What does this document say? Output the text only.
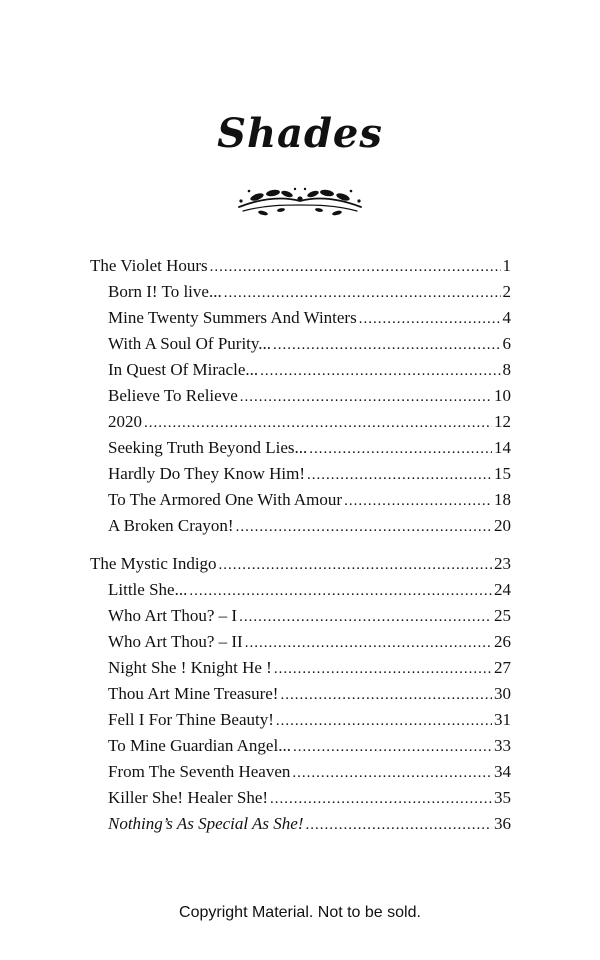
Shades
The Violet Hours .....	1
Born I! To live... .....	2
Mine Twenty Summers And Winters .....	4
With A Soul Of Purity... .....	6
In Quest Of Miracle... .....	8
Believe To Relieve .....	10
2020 .....	12
Seeking Truth Beyond Lies... .....	14
Hardly Do They Know Him! .....	15
To The Armored One With Amour .....	18
A Broken Crayon! .....	20
The Mystic Indigo .....	23
Little She... .....	24
Who Art Thou? – I .....	25
Who Art Thou? – II .....	26
Night She ! Knight He ! .....	27
Thou Art Mine Treasure! .....	30
Fell I For Thine Beauty! .....	31
To Mine Guardian Angel... .....	33
From The Seventh Heaven .....	34
Killer She! Healer She! .....	35
Nothing’s As Special As She! .....	36
Copyright Material. Not to be sold.
